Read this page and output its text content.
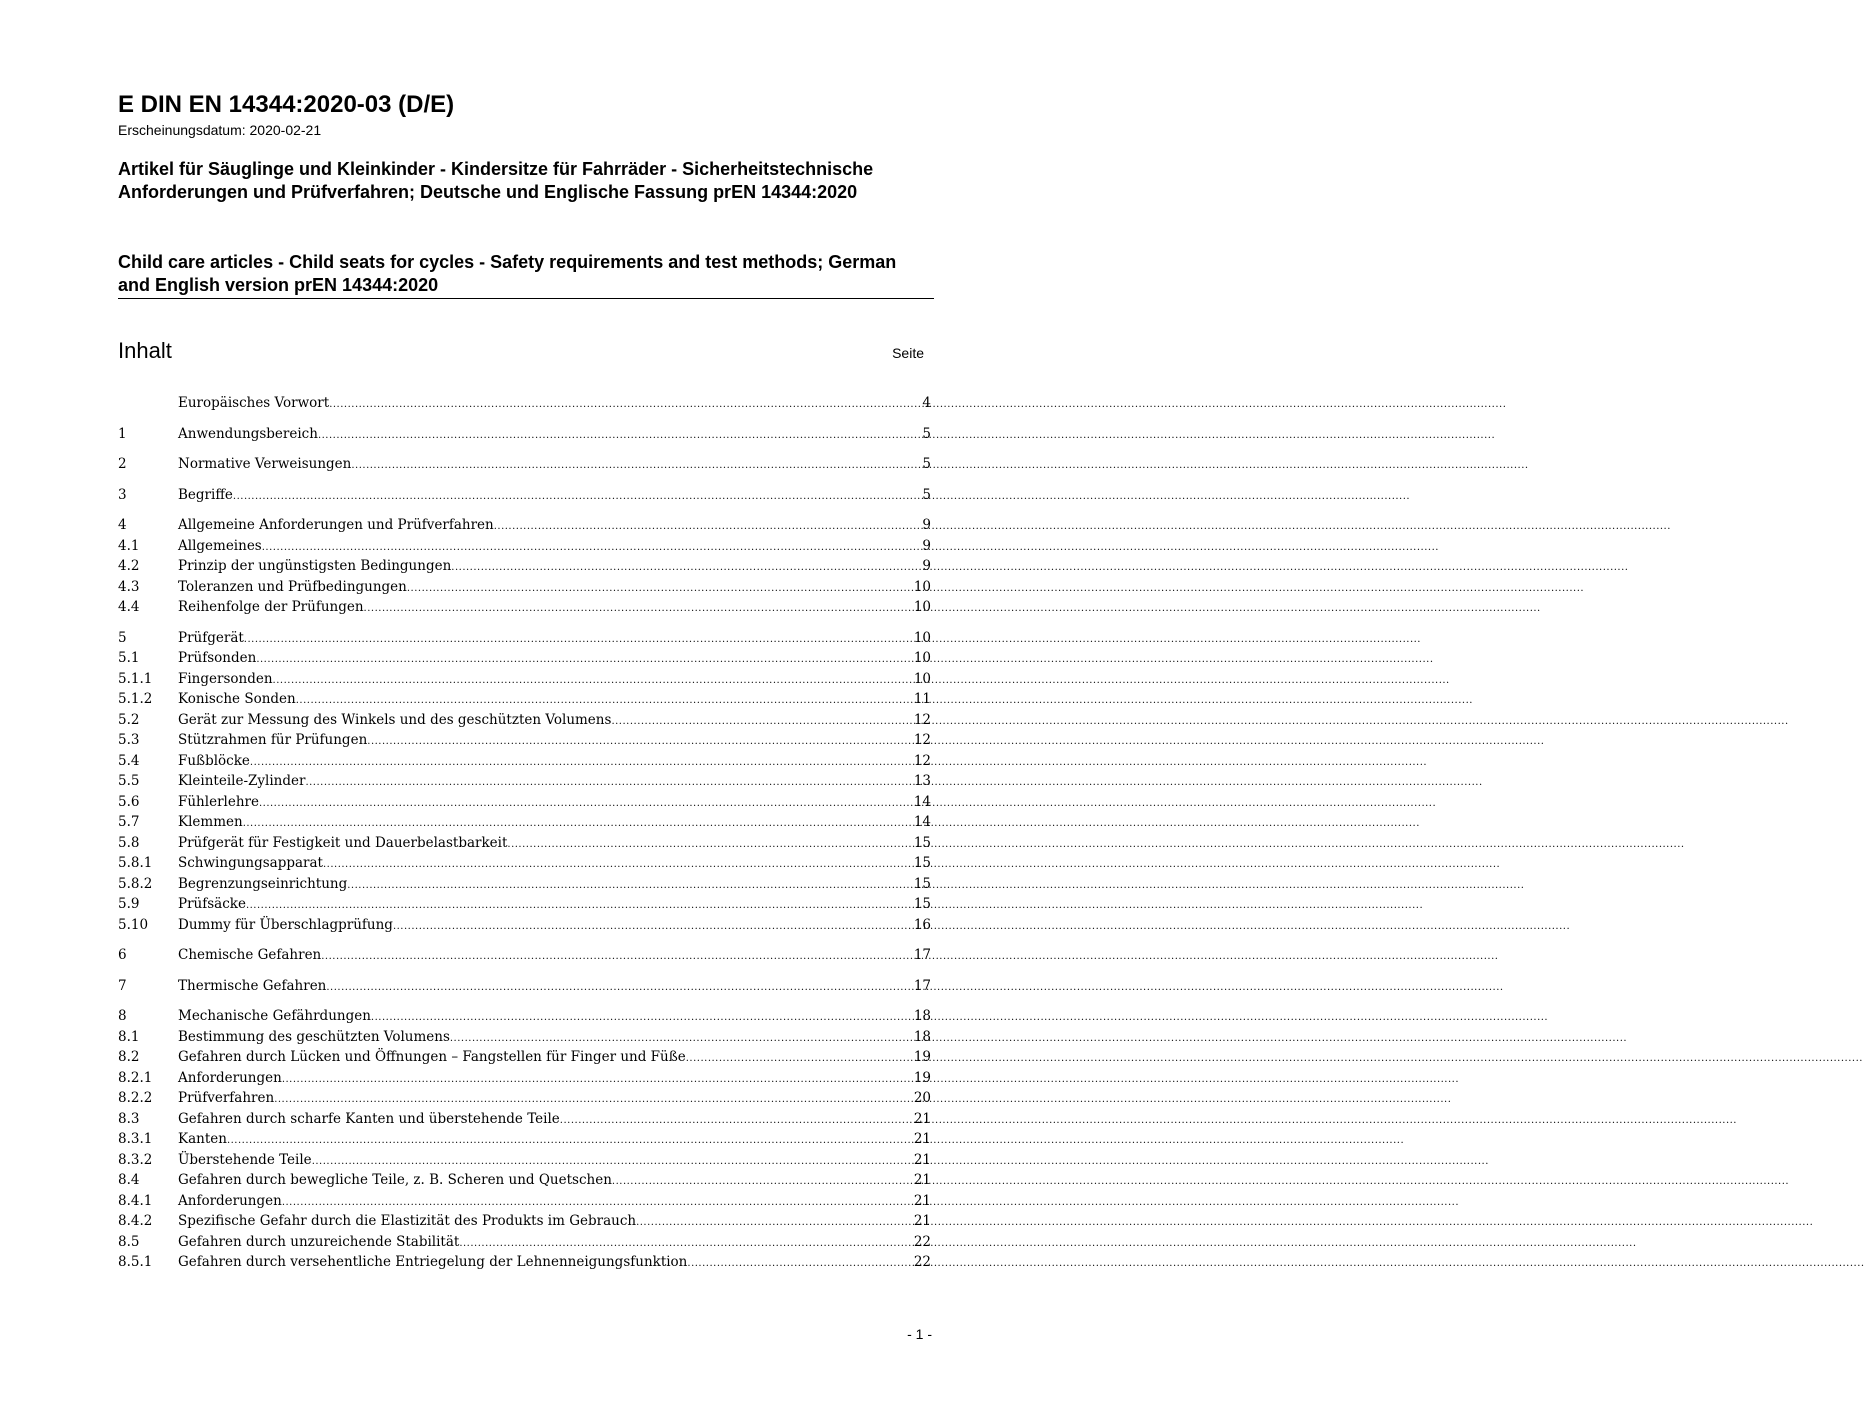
E DIN EN 14344:2020-03 (D/E)
Erscheinungsdatum: 2020-02-21
Artikel für Säuglinge und Kleinkinder - Kindersitze für Fahrräder - Sicherheitstechnische Anforderungen und Prüfverfahren; Deutsche und Englische Fassung prEN 14344:2020
Child care articles - Child seats for cycles - Safety requirements and test methods; German and English version prEN 14344:2020
Inhalt	Seite
Europäisches Vorwort .....	4
1	Anwendungsbereich .....	5
2	Normative Verweisungen .....	5
3	Begriffe .....	5
4	Allgemeine Anforderungen und Prüfverfahren .....	9
4.1	Allgemeines .....	9
4.2	Prinzip der ungünstigsten Bedingungen .....	9
4.3	Toleranzen und Prüfbedingungen .....	10
4.4	Reihenfolge der Prüfungen .....	10
5	Prüfgerät .....	10
5.1	Prüfsonden .....	10
5.1.1	Fingersonden .....	10
5.1.2	Konische Sonden .....	11
5.2	Gerät zur Messung des Winkels und des geschützten Volumens .....	12
5.3	Stützrahmen für Prüfungen .....	12
5.4	Fußblöcke .....	12
5.5	Kleinteile-Zylinder .....	13
5.6	Fühlerlehre .....	14
5.7	Klemmen .....	14
5.8	Prüfgerät für Festigkeit und Dauerbelastbarkeit .....	15
5.8.1	Schwingungsapparat .....	15
5.8.2	Begrenzungseinrichtung .....	15
5.9	Prüfsäcke .....	15
5.10	Dummy für Überschlagprüfung .....	16
6	Chemische Gefahren .....	17
7	Thermische Gefahren .....	17
8	Mechanische Gefährdungen .....	18
8.1	Bestimmung des geschützten Volumens .....	18
8.2	Gefahren durch Lücken und Öffnungen – Fangstellen für Finger und Füße .....	19
8.2.1	Anforderungen .....	19
8.2.2	Prüfverfahren .....	20
8.3	Gefahren durch scharfe Kanten und überstehende Teile .....	21
8.3.1	Kanten .....	21
8.3.2	Überstehende Teile .....	21
8.4	Gefahren durch bewegliche Teile, z. B. Scheren und Quetschen .....	21
8.4.1	Anforderungen .....	21
8.4.2	Spezifische Gefahr durch die Elastizität des Produkts im Gebrauch .....	21
8.5	Gefahren durch unzureichende Stabilität .....	22
8.5.1	Gefahren durch versehentliche Entriegelung der Lehnenneigungsfunktion .....	22
- 1 -
